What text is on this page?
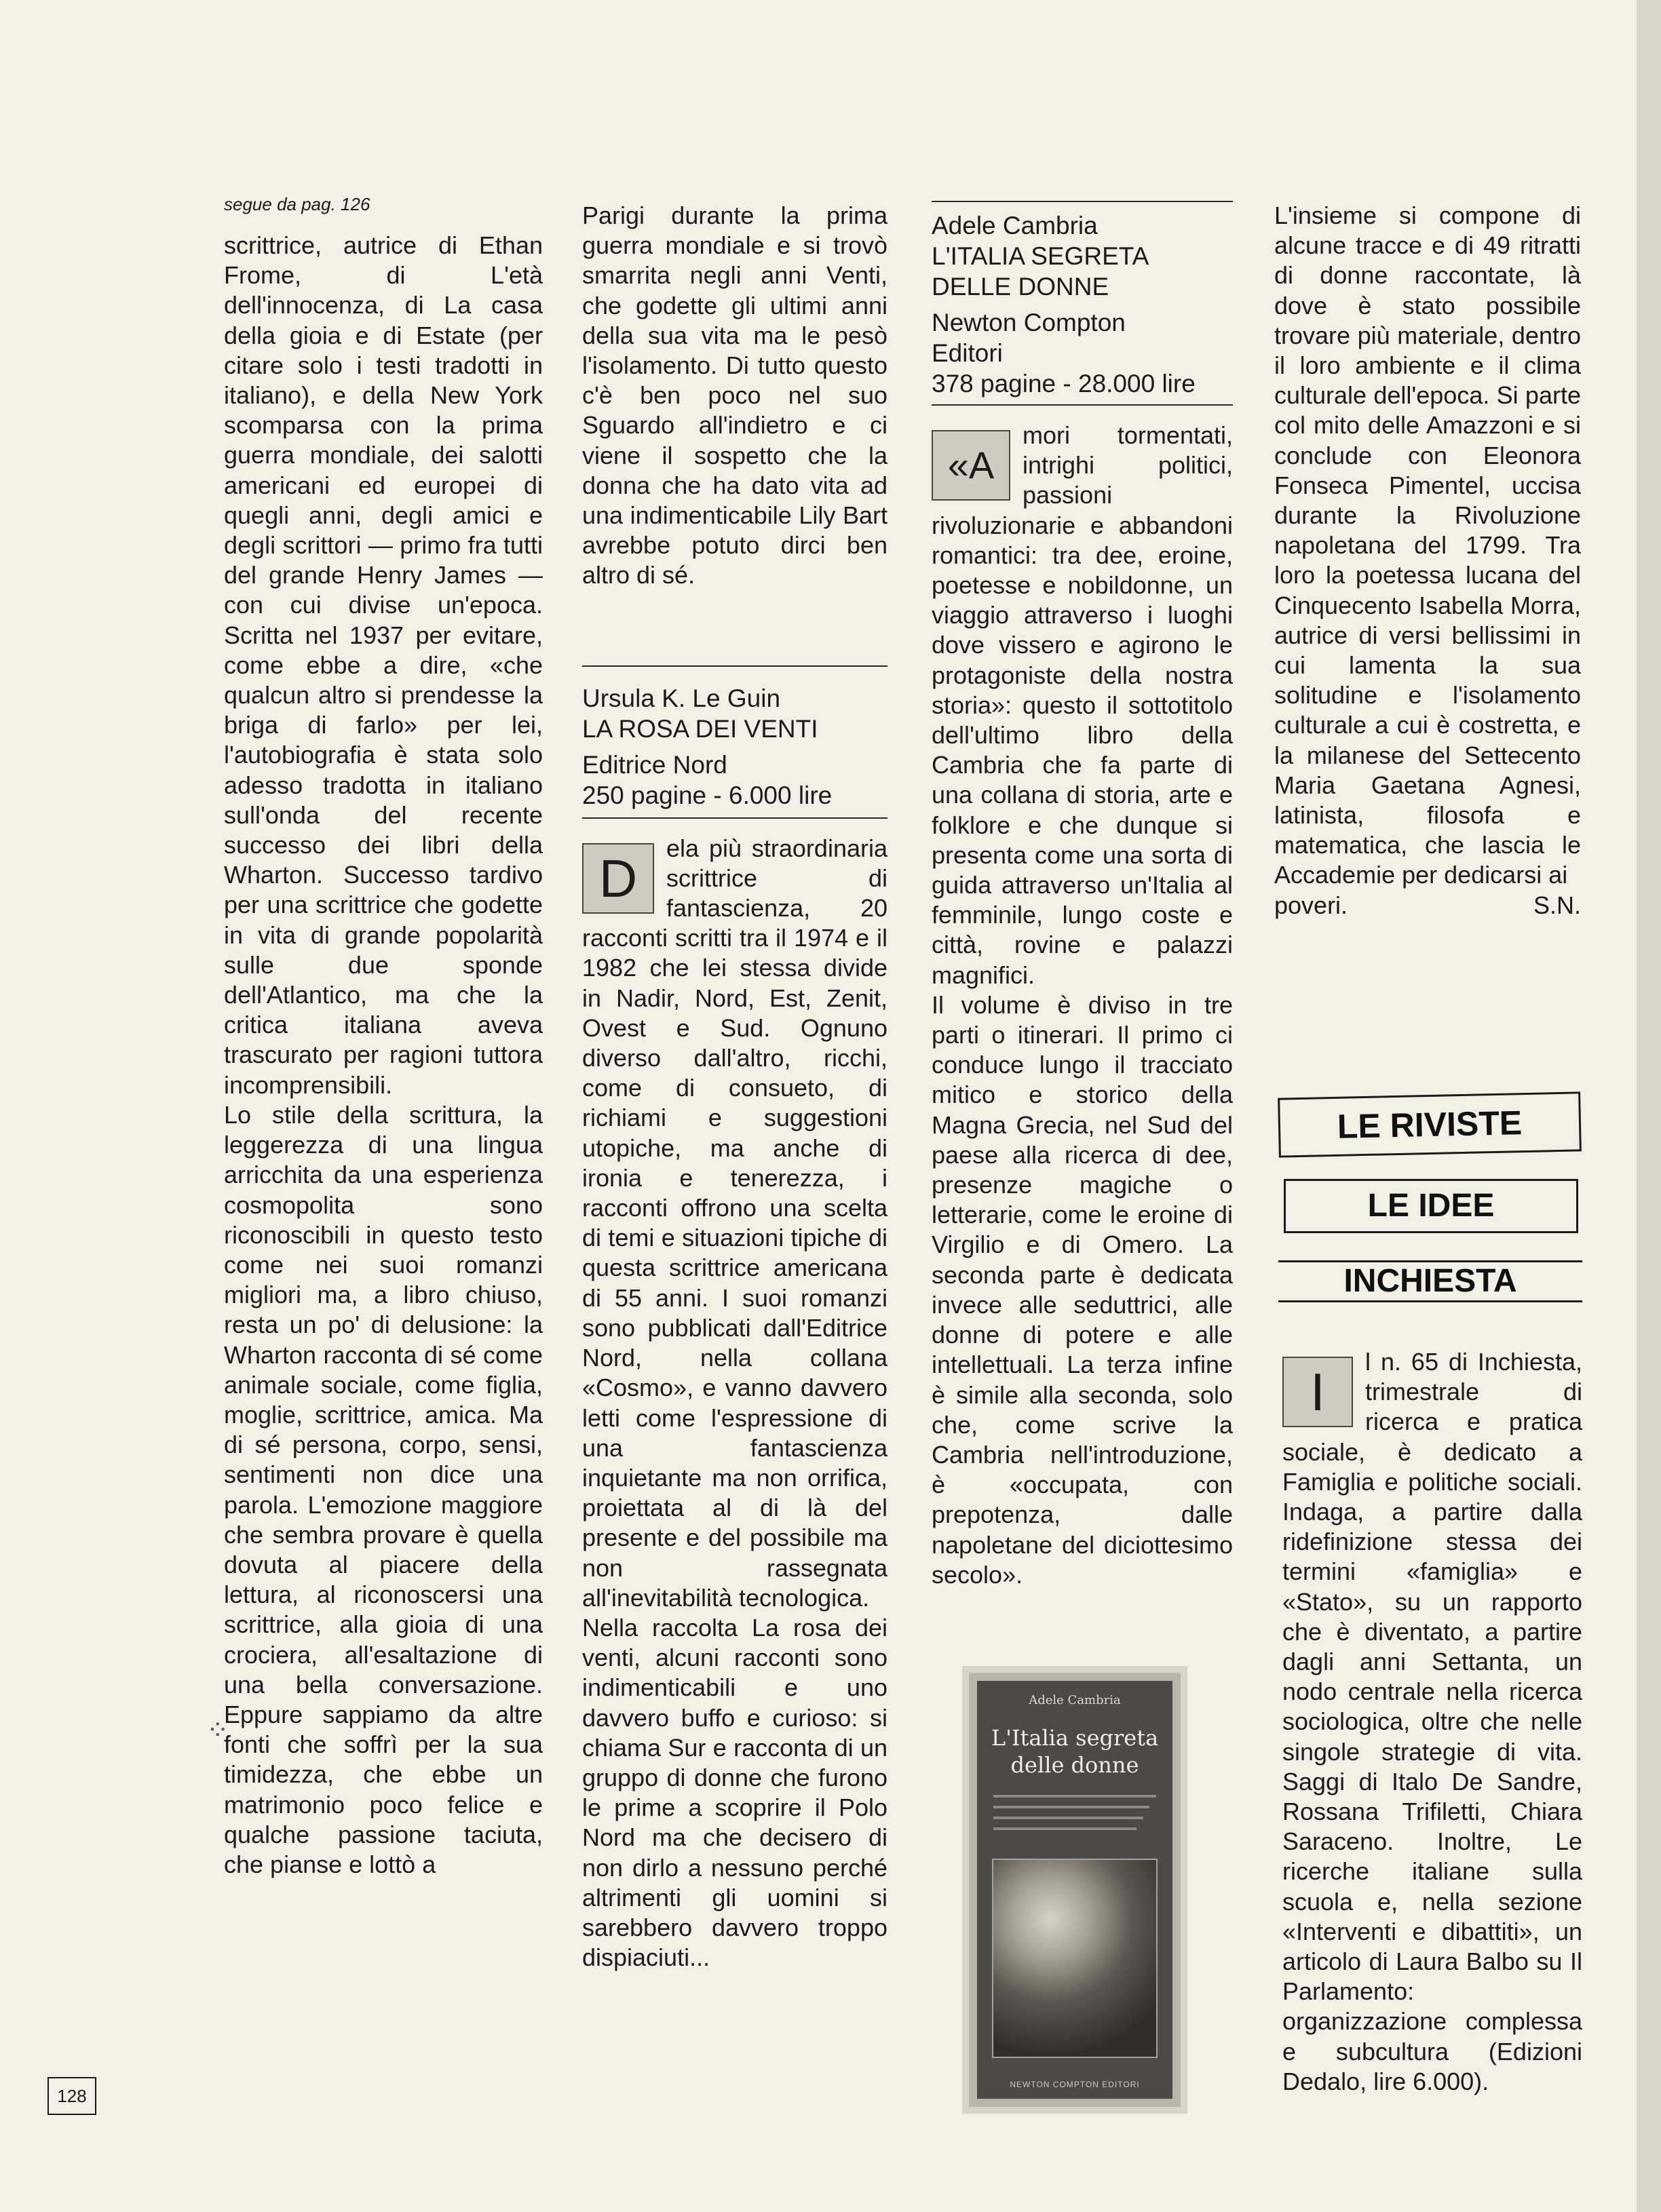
segue da pag. 126

scrittrice, autrice di Ethan Frome, di L'età dell'innocenza, di La casa della gioia e di Estate (per citare solo i testi tradotti in italiano), e della New York scomparsa con la prima guerra mondiale, dei salotti americani ed europei di quegli anni, degli amici e degli scrittori — primo fra tutti del grande Henry James — con cui divise un'epoca. Scritta nel 1937 per evitare, come ebbe a dire, «che qualcun altro si prendesse la briga di farlo» per lei, l'autobiografia è stata solo adesso tradotta in italiano sull'onda del recente successo dei libri della Wharton. Successo tardivo per una scrittrice che godette in vita di grande popolarità sulle due sponde dell'Atlantico, ma che la critica italiana aveva trascurato per ragioni tuttora incomprensibili.

Lo stile della scrittura, la leggerezza di una lingua arricchita da una esperienza cosmopolita sono riconoscibili in questo testo come nei suoi romanzi migliori ma, a libro chiuso, resta un po' di delusione: la Wharton racconta di sé come animale sociale, come figlia, moglie, scrittrice, amica. Ma di sé persona, corpo, sensi, sentimenti non dice una parola. L'emozione maggiore che sembra provare è quella dovuta al piacere della lettura, al riconoscersi una scrittrice, alla gioia di una crociera, all'esaltazione di una bella conversazione. Eppure sappiamo da altre fonti che soffrì per la sua timidezza, che ebbe un matrimonio poco felice e qualche passione taciuta, che pianse e lottò a

Parigi durante la prima guerra mondiale e si trovò smarrita negli anni Venti, che godette gli ultimi anni della sua vita ma le pesò l'isolamento. Di tutto questo c'è ben poco nel suo Sguardo all'indietro e ci viene il sospetto che la donna che ha dato vita ad una indimenticabile Lily Bart avrebbe potuto dirci ben altro di sé.

Ursula K. Le Guin
LA ROSA DEI VENTI
Editrice Nord
250 pagine - 6.000 lire
D

ela più straordinaria scrittrice di fantascienza, 20 racconti scritti tra il 1974 e il 1982 che lei stessa divide in Nadir, Nord, Est, Zenit, Ovest e Sud. Ognuno diverso dall'altro, ricchi, come di consueto, di richiami e suggestioni utopiche, ma anche di ironia e tenerezza, i racconti offrono una scelta di temi e situazioni tipiche di questa scrittrice americana di 55 anni. I suoi romanzi sono pubblicati dall'Editrice Nord, nella collana «Cosmo», e vanno davvero letti come l'espressione di una fantascienza inquietante ma non orrifica, proiettata al di là del presente e del possibile ma non rassegnata all'inevitabilità tecnologica.

Nella raccolta La rosa dei venti, alcuni racconti sono indimenticabili e uno davvero buffo e curioso: si chiama Sur e racconta di un gruppo di donne che furono le prime a scoprire il Polo Nord ma che decisero di non dirlo a nessuno perché altrimenti gli uomini si sarebbero davvero troppo dispiaciuti...

Adele Cambria
L'ITALIA SEGRETA
DELLE DONNE
Newton Compton
Editori
378 pagine - 28.000 lire
«A

mori tormentati, intrighi politici, passioni rivoluzionarie e abbandoni romantici: tra dee, eroine, poetesse e nobildonne, un viaggio attraverso i luoghi dove vissero e agirono le protagoniste della nostra storia»: questo il sottotitolo dell'ultimo libro della Cambria che fa parte di una collana di storia, arte e folklore e che dunque si presenta come una sorta di guida attraverso un'Italia al femminile, lungo coste e città, rovine e palazzi magnifici.

Il volume è diviso in tre parti o itinerari. Il primo ci conduce lungo il tracciato mitico e storico della Magna Grecia, nel Sud del paese alla ricerca di dee, presenze magiche o letterarie, come le eroine di Virgilio e di Omero. La seconda parte è dedicata invece alle seduttrici, alle donne di potere e alle intellettuali. La terza infine è simile alla seconda, solo che, come scrive la Cambria nell'introduzione, è «occupata, con prepotenza, dalle napoletane del diciottesimo secolo».

Adele Cambria
L'Italia segreta
delle donne
NEWTON COMPTON EDITORI

L'insieme si compone di alcune tracce e di 49 ritratti di donne raccontate, là dove è stato possibile trovare più materiale, dentro il loro ambiente e il clima culturale dell'epoca. Si parte col mito delle Amazzoni e si conclude con Eleonora Fonseca Pimentel, uccisa durante la Rivoluzione napoletana del 1799. Tra loro la poetessa lucana del Cinquecento Isabella Morra, autrice di versi bellissimi in cui lamenta la sua solitudine e l'isolamento culturale a cui è costretta, e la milanese del Settecento Maria Gaetana Agnesi, latinista, filosofa e matematica, che lascia le Accademie per dedicarsi ai

poveri.	S.N.
LE RIVISTE
LE IDEE
INCHIESTA
I

l n. 65 di Inchiesta, trimestrale di ricerca e pratica sociale, è dedicato a Famiglia e politiche sociali. Indaga, a partire dalla ridefinizione stessa dei termini «famiglia» e «Stato», su un rapporto che è diventato, a partire dagli anni Settanta, un nodo centrale nella ricerca sociologica, oltre che nelle singole strategie di vita. Saggi di Italo De Sandre, Rossana Trifiletti, Chiara Saraceno. Inoltre, Le ricerche italiane sulla scuola e, nella sezione «Interventi e dibattiti», un articolo di Laura Balbo su Il Parlamento: organizzazione complessa e subcultura (Edizioni Dedalo, lire 6.000).

⁘
128
